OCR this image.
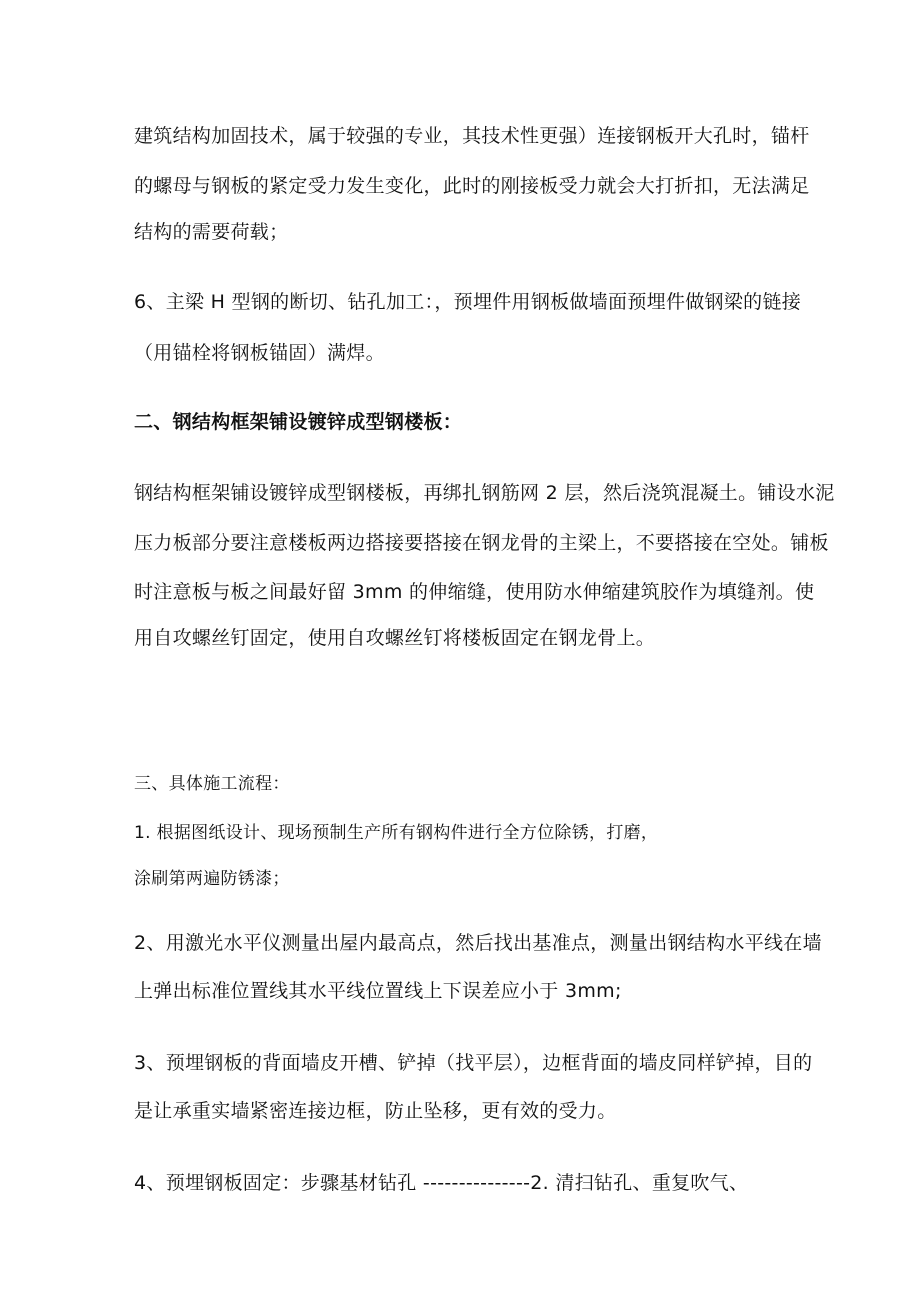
建筑结构加固技术，属于较强的专业，其技术性更强）连接钢板开大孔时，锚杆
的螺母与钢板的紧定受力发生变化，此时的刚接板受力就会大打折扣，无法满足
结构的需要荷载；
6、主梁 H 型钢的断切、钻孔加工：，预埋件用钢板做墙面预埋件做钢梁的链接
（用锚栓将钢板锚固）满焊。
二、钢结构框架铺设镀锌成型钢楼板：
钢结构框架铺设镀锌成型钢楼板，再绑扎钢筋网 2 层，然后浇筑混凝土。铺设水泥
压力板部分要注意楼板两边搭接要搭接在钢龙骨的主梁上，不要搭接在空处。铺板
时注意板与板之间最好留 3mm 的伸缩缝，使用防水伸缩建筑胶作为填缝剂。使
用自攻螺丝钉固定，使用自攻螺丝钉将楼板固定在钢龙骨上。
三、具体施工流程：
1. 根据图纸设计、现场预制生产所有钢构件进行全方位除锈，打磨，
涂刷第两遍防锈漆；
2、用激光水平仪测量出屋内最高点，然后找出基准点，测量出钢结构水平线在墙
上弹出标准位置线其水平线位置线上下误差应小于 3mm;
3、预埋钢板的背面墙皮开槽、铲掉（找平层），边框背面的墙皮同样铲掉，目的
是让承重实墙紧密连接边框，防止坠移，更有效的受力。
4、预埋钢板固定：步骤基材钻孔 ---------------2. 清扫钻孔、重复吹气、
